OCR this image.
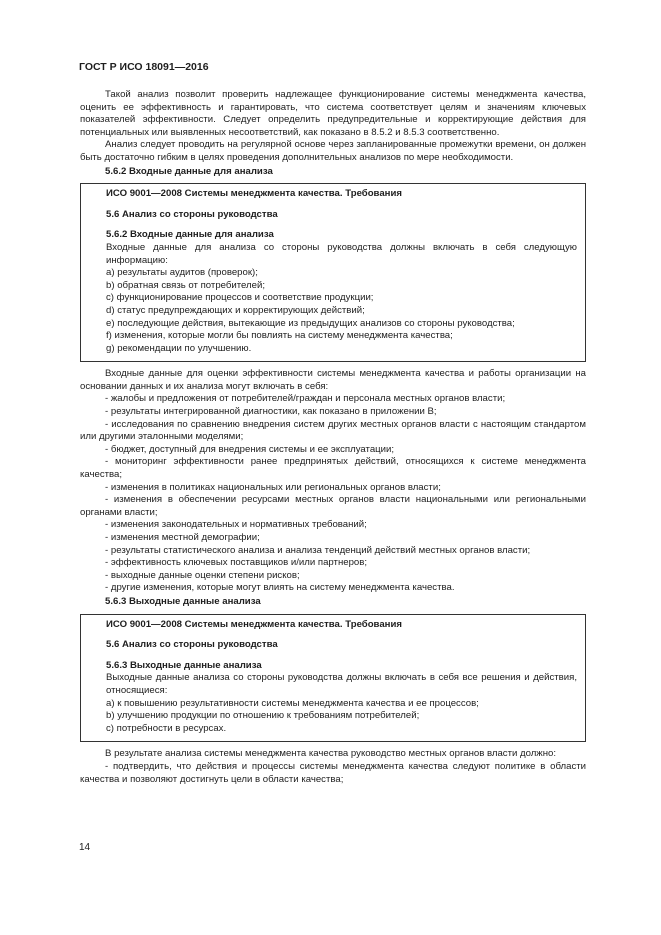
ГОСТ Р ИСО 18091—2016

Такой анализ позволит проверить надлежащее функционирование системы менеджмента качества, оценить ее эффективность и гарантировать, что система соответствует целям и значениям ключевых показателей эффективности. Следует определить предупредительные и корректирующие действия для потенциальных или выявленных несоответствий, как показано в 8.5.2 и 8.5.3 соответственно.

Анализ следует проводить на регулярной основе через запланированные промежутки времени, он должен быть достаточно гибким в целях проведения дополнительных анализов по мере необходимости.

5.6.2 Входные данные для анализа

ИСО 9001—2008 Системы менеджмента качества. Требования

5.6 Анализ со стороны руководства

5.6.2 Входные данные для анализа

Входные данные для анализа со стороны руководства должны включать в себя следующую информацию:

a) результаты аудитов (проверок);

b) обратная связь от потребителей;

c) функционирование процессов и соответствие продукции;

d) статус предупреждающих и корректирующих действий;

e) последующие действия, вытекающие из предыдущих анализов со стороны руководства;

f) изменения, которые могли бы повлиять на систему менеджмента качества;

g) рекомендации по улучшению.

Входные данные для оценки эффективности системы менеджмента качества и работы организации на основании данных и их анализа могут включать в себя:

- жалобы и предложения от потребителей/граждан и персонала местных органов власти;

- результаты интегрированной диагностики, как показано в приложении В;

- исследования по сравнению внедрения систем других местных органов власти с настоящим стандартом или другими эталонными моделями;

- бюджет, доступный для внедрения системы и ее эксплуатации;

- мониторинг эффективности ранее предпринятых действий, относящихся к системе менеджмента качества;

- изменения в политиках национальных или региональных органов власти;

- изменения в обеспечении ресурсами местных органов власти национальными или региональными органами власти;

- изменения законодательных и нормативных требований;

- изменения местной демографии;

- результаты статистического анализа и анализа тенденций действий местных органов власти;

- эффективность ключевых поставщиков и/или партнеров;

- выходные данные оценки степени рисков;

- другие изменения, которые могут влиять на систему менеджмента качества.

5.6.3 Выходные данные анализа

ИСО 9001—2008 Системы менеджмента качества. Требования

5.6 Анализ со стороны руководства

5.6.3 Выходные данные анализа

Выходные данные анализа со стороны руководства должны включать в себя все решения и действия, относящиеся:

a) к повышению результативности системы менеджмента качества и ее процессов;

b) улучшению продукции по отношению к требованиям потребителей;

c) потребности в ресурсах.

В результате анализа системы менеджмента качества руководство местных органов власти должно:

- подтвердить, что действия и процессы системы менеджмента качества следуют политике в области качества и позволяют достигнуть цели в области качества;

14
